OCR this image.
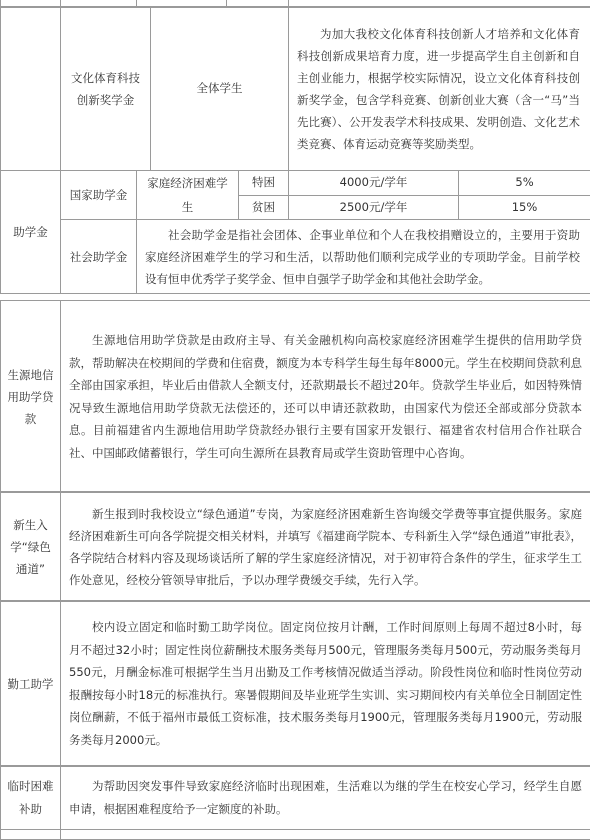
	文化体育科技创新奖学金	全体学生	为加大我校文化体育科技创新人才培养和文化体育科技创新成果培育力度，进一步提高学生自主创新和自主创业能力，根据学校实际情况，设立文化体育科技创新奖学金，包含学科竞赛、创新创业大赛（含一“马”当先比赛）、公开发表学术科技成果、发明创造、文化艺术类竞赛、体育运动竞赛等奖励类型。
助学金	国家助学金	家庭经济困难学生	特困	4000元/学年	5%
			贫困	2500元/学年	15%
	社会助学金	社会助学金是指社会团体、企事业单位和个人在我校捐赠设立的，主要用于资助家庭经济困难学生的学习和生活，以帮助他们顺利完成学业的专项助学金。目前学校设有恒申优秀学子奖学金、恒申自强学子助学金和其他社会助学金。			
生源地信用助学贷款	生源地信用助学贷款是由政府主导、有关金融机构向高校家庭经济困难学生提供的信用助学贷款，帮助解决在校期间的学费和住宿费，额度为本专科学生每生每年8000元。学生在校期间贷款利息全部由国家承担，毕业后由借款人全额支付，还款期最长不超过20年。贷款学生毕业后，如因特殊情况导致生源地信用助学贷款无法偿还的，还可以申请还款救助，由国家代为偿还全部或部分贷款本息。目前福建省内生源地信用助学贷款经办银行主要有国家开发银行、福建省农村信用合作社联合社、中国邮政储蓄银行，学生可向生源所在县教育局或学生资助管理中心咨询。
新生入学“绿色通道”	新生报到时我校设立“绿色通道”专岗，为家庭经济困难新生咨询缓交学费等事宜提供服务。家庭经济困难新生可向各学院提交相关材料，并填写《福建商学院本、专科新生入学“绿色通道”审批表》，各学院结合材料内容及现场谈话所了解的学生家庭经济情况，对于初审符合条件的学生，征求学生工作处意见，经校分管领导审批后，予以办理学费缓交手续，先行入学。
勤工助学	校内设立固定和临时勤工助学岗位。固定岗位按月计酬，工作时间原则上每周不超过8小时，每月不超过32小时；固定性岗位薪酬技术服务类每月500元，管理服务类每月500元，劳动服务类每月550元，月酬金标准可根据学生当月出勤及工作考核情况做适当浮动。阶段性岗位和临时性岗位劳动报酬按每小时18元的标准执行。寒暑假期间及毕业班学生实训、实习期间校内有关单位全日制固定性岗位酬薪，不低于福州市最低工资标准，技术服务类每月1900元，管理服务类每月1900元，劳动服务类每月2000元。
临时困难补助	为帮助因突发事件导致家庭经济临时出现困难，生活难以为继的学生在校安心学习，经学生自愿申请，根据困难程度给予一定额度的补助。
